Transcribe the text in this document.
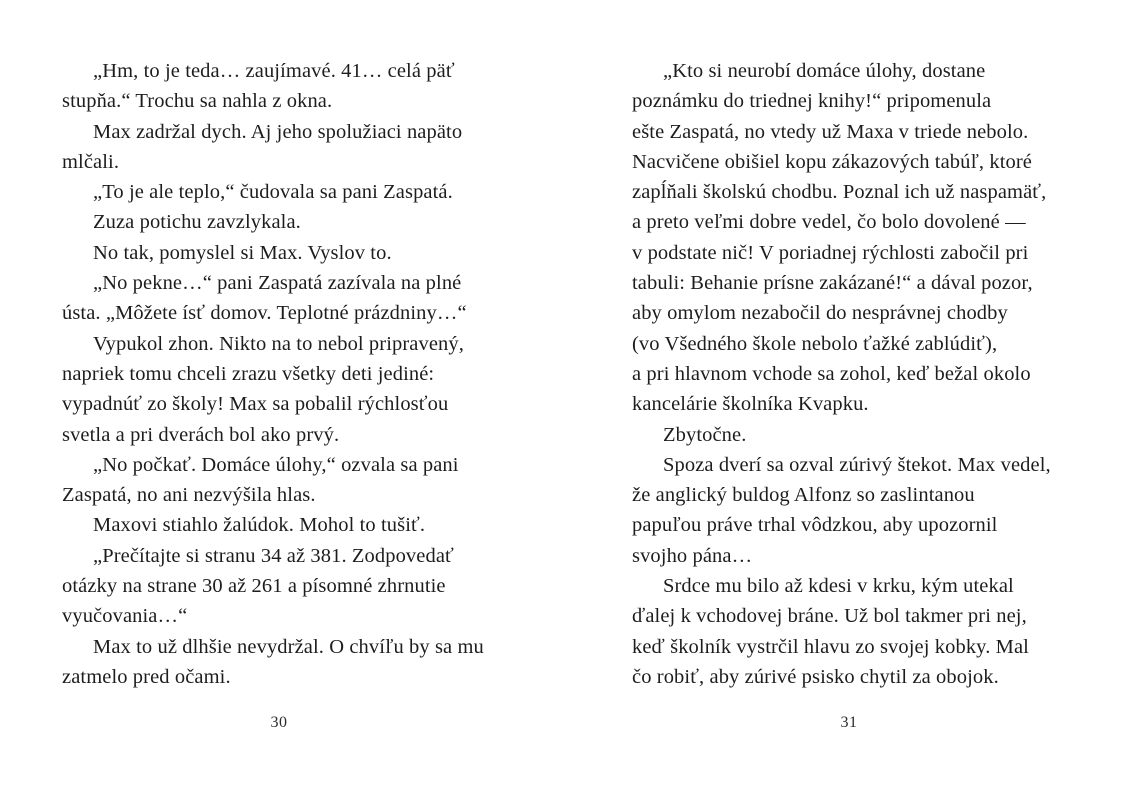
„Hm, to je teda… zaujímavé. 41… celá päť
stupňa.“ Trochu sa nahla z okna.
Max zadržal dych. Aj jeho spolužiaci napäto
mlčali.
„To je ale teplo,“ čudovala sa pani Zaspatá.
Zuza potichu zavzlykala.
No tak, pomyslel si Max. Vyslov to.
„No pekne…“ pani Zaspatá zazívala na plné
ústa. „Môžete ísť domov. Teplotné prázdniny…“
Vypukol zhon. Nikto na to nebol pripravený,
napriek tomu chceli zrazu všetky deti jediné:
vypadnúť zo školy! Max sa pobalil rýchlosťou
svetla a pri dverách bol ako prvý.
„No počkať. Domáce úlohy,“ ozvala sa pani
Zaspatá, no ani nezvýšila hlas.
Maxovi stiahlo žalúdok. Mohol to tušiť.
„Prečítajte si stranu 34 až 381. Zodpovedať
otázky na strane 30 až 261 a písomné zhrnutie
vyučovania…“
Max to už dlhšie nevydržal. O chvíľu by sa mu
zatmelo pred očami.
30
„Kto si neurobí domáce úlohy, dostane
poznámku do triednej knihy!“ pripomenula
ešte Zaspatá, no vtedy už Maxa v triede nebolo.
Nacvičene obišiel kopu zákazových tabúľ, ktoré
zapĺňali školskú chodbu. Poznal ich už naspamäť,
a preto veľmi dobre vedel, čo bolo dovolené —
v podstate nič! V poriadnej rýchlosti zabočil pri
tabuli: Behanie prísne zakázané!“ a dával pozor,
aby omylom nezabočil do nesprávnej chodby
(vo Všedného škole nebolo ťažké zablúdiť),
a pri hlavnom vchode sa zohol, keď bežal okolo
kancelárie školníka Kvapku.
Zbytočne.
Spoza dverí sa ozval zúrivý štekot. Max vedel,
že anglický buldog Alfonz so zaslintanou
papuľou práve trhal vôdzkou, aby upozornil
svojho pána…
Srdce mu bilo až kdesi v krku, kým utekal
ďalej k vchodovej bráne. Už bol takmer pri nej,
keď školník vystrčil hlavu zo svojej kobky. Mal
čo robiť, aby zúrivé psisko chytil za obojok.
31
